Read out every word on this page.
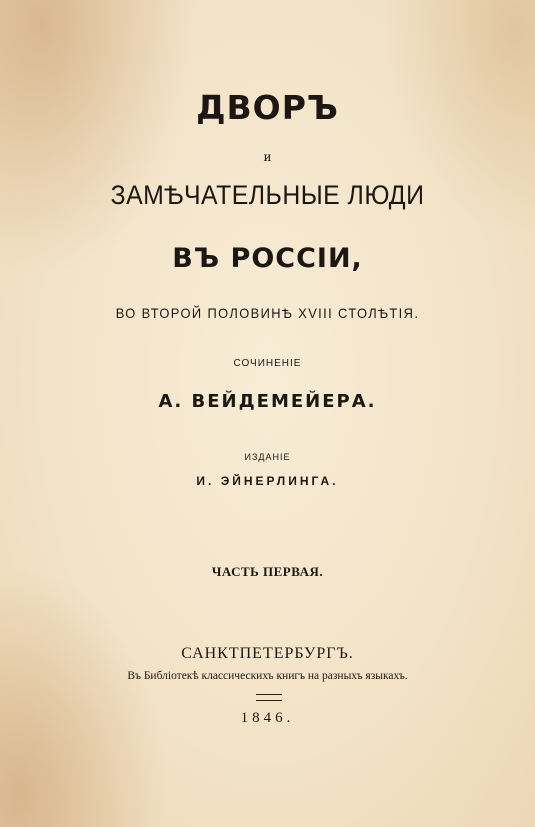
ДВОРЪ
и
ЗАМѢЧАТЕЛЬНЫЕ ЛЮДИ
ВЪ РОССІИ,
ВО ВТОРОЙ ПОЛОВИНѢ XVIII СТОЛѢТІЯ.
СОЧИНЕНІЕ
А. ВЕЙДЕМЕЙЕРА.
ИЗДАНІЕ
И. ЭЙНЕРЛИНГА.
ЧАСТЬ ПЕРВАЯ.
САНКТПЕТЕРБУРГЪ.
Въ Библіотекѣ классическихъ книгъ на разныхъ языкахъ.
1846.
